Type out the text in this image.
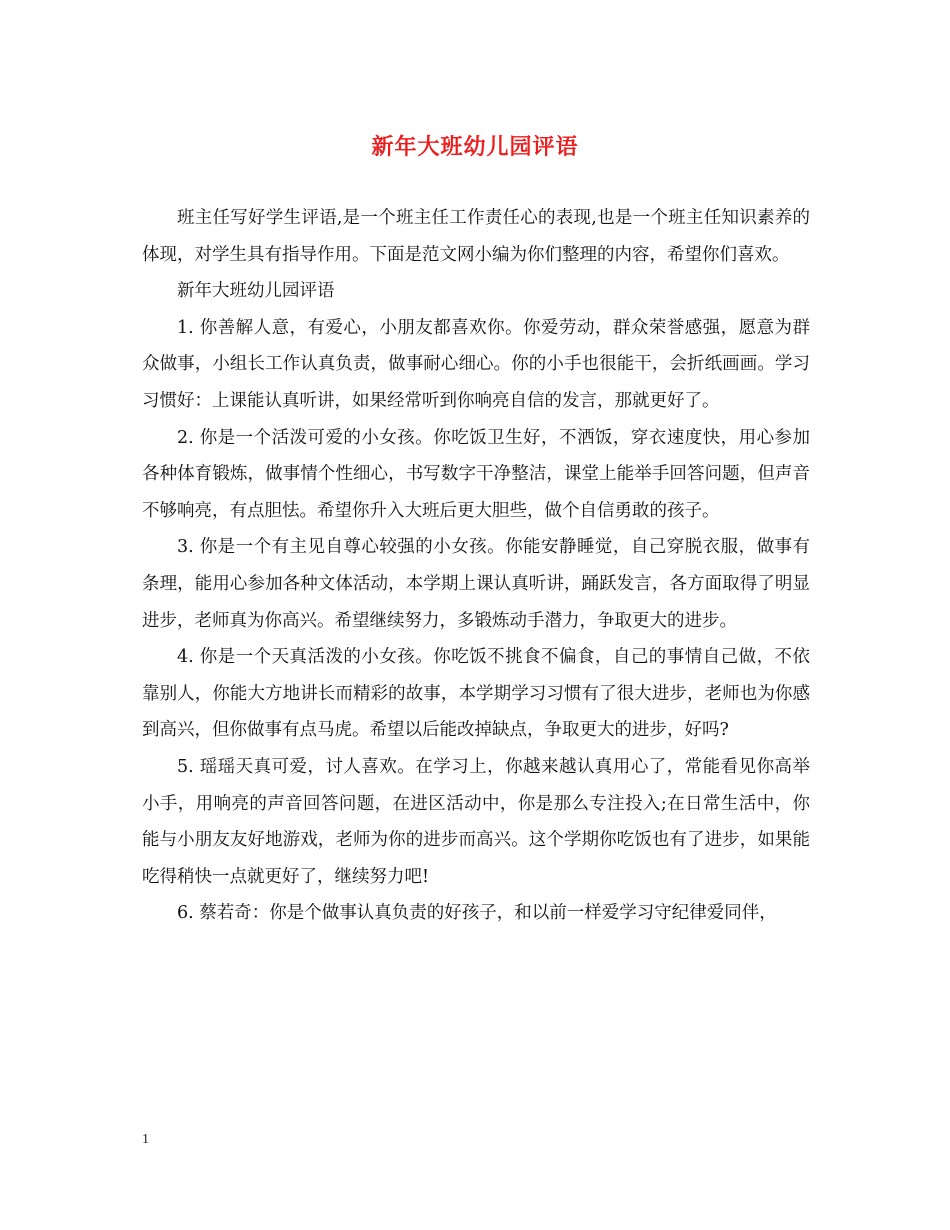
新年大班幼儿园评语

班主任写好学生评语,是一个班主任工作责任心的表现,也是一个班主任知识素养的体现，对学生具有指导作用。下面是范文网小编为你们整理的内容，希望你们喜欢。

新年大班幼儿园评语

1. 你善解人意，有爱心，小朋友都喜欢你。你爱劳动，群众荣誉感强，愿意为群众做事，小组长工作认真负责，做事耐心细心。你的小手也很能干，会折纸画画。学习习惯好：上课能认真听讲，如果经常听到你响亮自信的发言，那就更好了。

2. 你是一个活泼可爱的小女孩。你吃饭卫生好，不洒饭，穿衣速度快，用心参加各种体育锻炼，做事情个性细心，书写数字干净整洁，课堂上能举手回答问题，但声音不够响亮，有点胆怯。希望你升入大班后更大胆些，做个自信勇敢的孩子。

3. 你是一个有主见自尊心较强的小女孩。你能安静睡觉，自己穿脱衣服，做事有条理，能用心参加各种文体活动，本学期上课认真听讲，踊跃发言，各方面取得了明显进步，老师真为你高兴。希望继续努力，多锻炼动手潜力，争取更大的进步。

4. 你是一个天真活泼的小女孩。你吃饭不挑食不偏食，自己的事情自己做，不依靠别人，你能大方地讲长而精彩的故事，本学期学习习惯有了很大进步，老师也为你感到高兴，但你做事有点马虎。希望以后能改掉缺点，争取更大的进步，好吗?

5. 瑶瑶天真可爱，讨人喜欢。在学习上，你越来越认真用心了，常能看见你高举小手，用响亮的声音回答问题，在进区活动中，你是那么专注投入;在日常生活中，你能与小朋友友好地游戏，老师为你的进步而高兴。这个学期你吃饭也有了进步，如果能吃得稍快一点就更好了，继续努力吧!

6. 蔡若奇：你是个做事认真负责的好孩子，和以前一样爱学习守纪律爱同伴，

1
